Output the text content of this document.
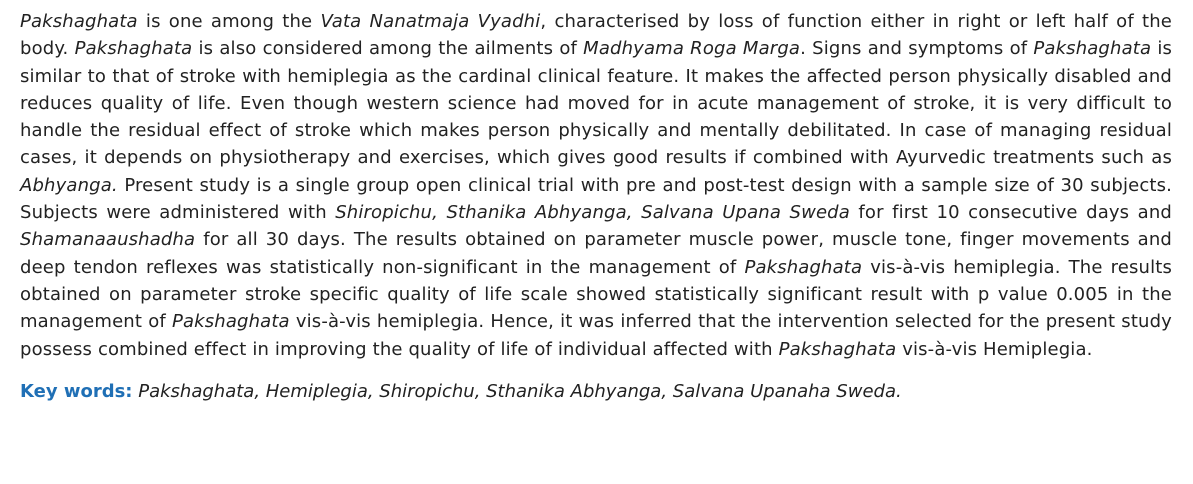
Pakshaghata is one among the Vata Nanatmaja Vyadhi, characterised by loss of function either in right or left half of the body. Pakshaghata is also considered among the ailments of Madhyama Roga Marga. Signs and symptoms of Pakshaghata is similar to that of stroke with hemiplegia as the cardinal clinical feature. It makes the affected person physically disabled and reduces quality of life. Even though western science had moved for in acute management of stroke, it is very difficult to handle the residual effect of stroke which makes person physically and mentally debilitated. In case of managing residual cases, it depends on physiotherapy and exercises, which gives good results if combined with Ayurvedic treatments such as Abhyanga. Present study is a single group open clinical trial with pre and post-test design with a sample size of 30 subjects. Subjects were administered with Shiropichu, Sthanika Abhyanga, Salvana Upana Sweda for first 10 consecutive days and Shamanaaushadha for all 30 days. The results obtained on parameter muscle power, muscle tone, finger movements and deep tendon reflexes was statistically non-significant in the management of Pakshaghata vis-à-vis hemiplegia. The results obtained on parameter stroke specific quality of life scale showed statistically significant result with p value 0.005 in the management of Pakshaghata vis-à-vis hemiplegia. Hence, it was inferred that the intervention selected for the present study possess combined effect in improving the quality of life of individual affected with Pakshaghata vis-à-vis Hemiplegia.

Key words: Pakshaghata, Hemiplegia, Shiropichu, Sthanika Abhyanga, Salvana Upanaha Sweda.
